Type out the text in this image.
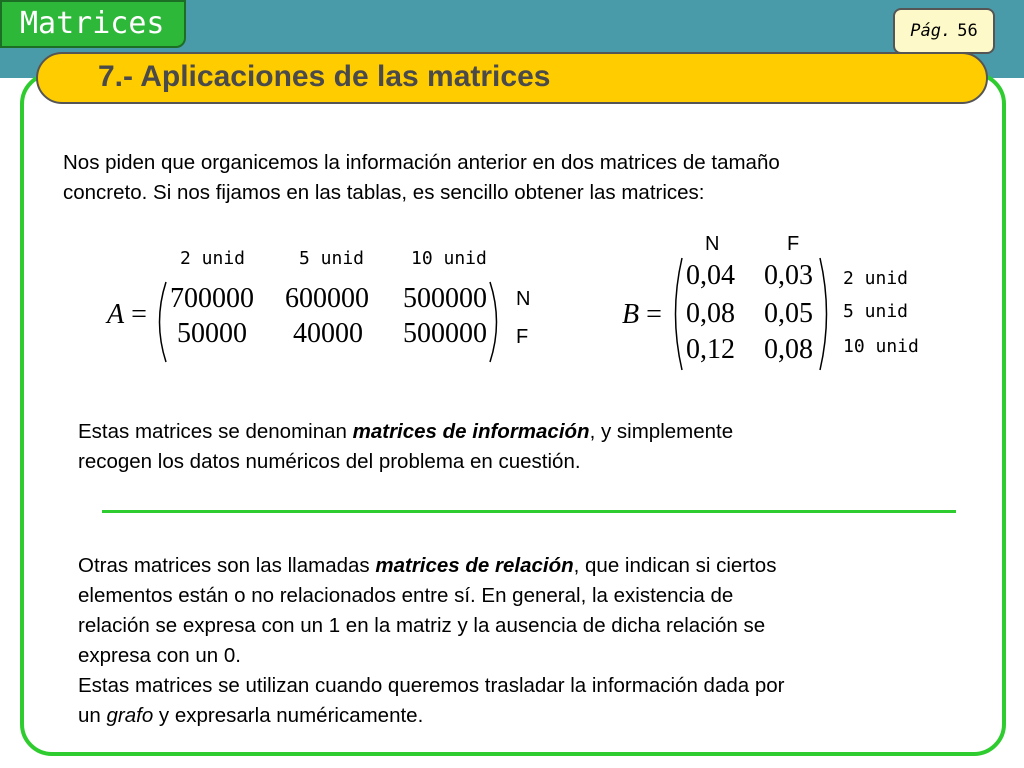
Matrices	Pág. 56
7.- Aplicaciones de las matrices
Nos piden que organicemos la información anterior en dos matrices de tamaño
concreto. Si nos fijamos en las tablas, es sencillo obtener las matrices:
2 unid	5 unid	10 unid
A =
700000 600000 500000
50000 40000 500000
N
F
N	F
B =
0,04 0,03
0,08 0,05
0,12 0,08
2 unid
5 unid
10 unid
Estas matrices se denominan matrices de información, y simplemente
recogen los datos numéricos del problema en cuestión.
Otras matrices son las llamadas matrices de relación, que indican si ciertos
elementos están o no relacionados entre sí. En general, la existencia de
relación se expresa con un 1 en la matriz y la ausencia de dicha relación se
expresa con un 0.
Estas matrices se utilizan cuando queremos trasladar la información dada por
un grafo y expresarla numéricamente.
